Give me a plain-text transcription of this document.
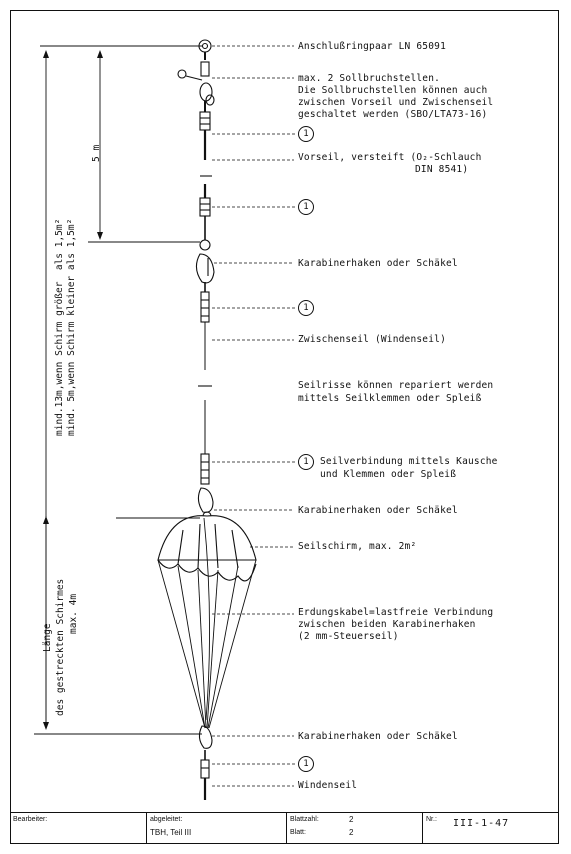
Anschlußringpaar LN 65091
max. 2 Sollbruchstellen.
Die Sollbruchstellen können auch
zwischen Vorseil und Zwischenseil
geschaltet werden (SBO/LTA73-16)
1
Vorseil, versteift (O₂-Schlauch
DIN 8541)
1
Karabinerhaken oder Schäkel
1
Zwischenseil (Windenseil)
Seilrisse können repariert werden
mittels Seilklemmen oder Spleiß
1	Seilverbindung mittels Kausche
und Klemmen oder Spleiß
Karabinerhaken oder Schäkel
Seilschirm, max. 2m²
Erdungskabel=lastfreie Verbindung
zwischen beiden Karabinerhaken
(2 mm-Steuerseil)
Karabinerhaken oder Schäkel
1
Windenseil
5 m
mind.13m,wenn Schirm größer  als 1,5m² mind. 5m,wenn Schirm kleiner als 1,5m²
Länge des gestreckten Schirmes max. 4m
Bearbeiter:	abgeleitet:
TBH, Teil III
Blattzahl:	2
Blatt:	2
Nr.: III-1-47
